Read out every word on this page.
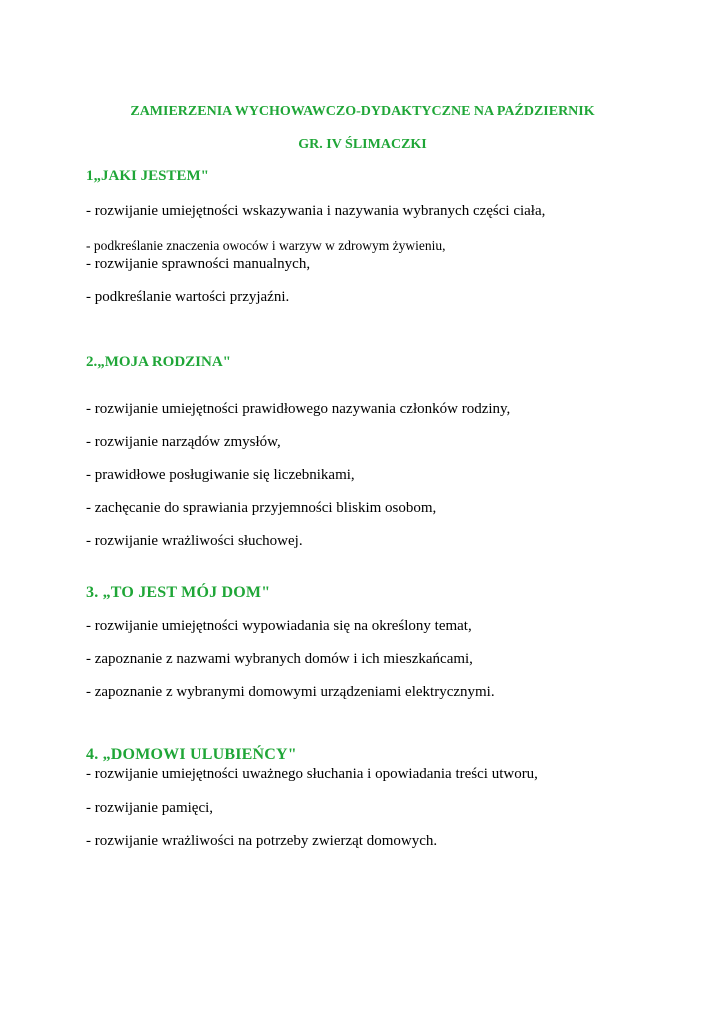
ZAMIERZENIA WYCHOWAWCZO-DYDAKTYCZNE NA PAŹDZIERNIK
GR. IV ŚLIMACZKI
1„JAKI JESTEM"
- rozwijanie umiejętności wskazywania i nazywania wybranych części ciała,
- podkreślanie znaczenia owoców i warzyw w zdrowym żywieniu,
- rozwijanie sprawności manualnych,
- podkreślanie wartości przyjaźni.
2.„MOJA RODZINA"
- rozwijanie umiejętności prawidłowego nazywania członków rodziny,
- rozwijanie narządów zmysłów,
- prawidłowe posługiwanie się liczebnikami,
- zachęcanie do sprawiania przyjemności bliskim osobom,
- rozwijanie wrażliwości słuchowej.
3. „TO JEST MÓJ DOM"
- rozwijanie umiejętności wypowiadania się na określony temat,
- zapoznanie z nazwami wybranych domów i ich mieszkańcami,
- zapoznanie z wybranymi domowymi urządzeniami elektrycznymi.
4. „DOMOWI ULUBIEŃCY"
- rozwijanie umiejętności uważnego słuchania i opowiadania treści utworu,
- rozwijanie pamięci,
- rozwijanie wrażliwości na potrzeby zwierząt domowych.
